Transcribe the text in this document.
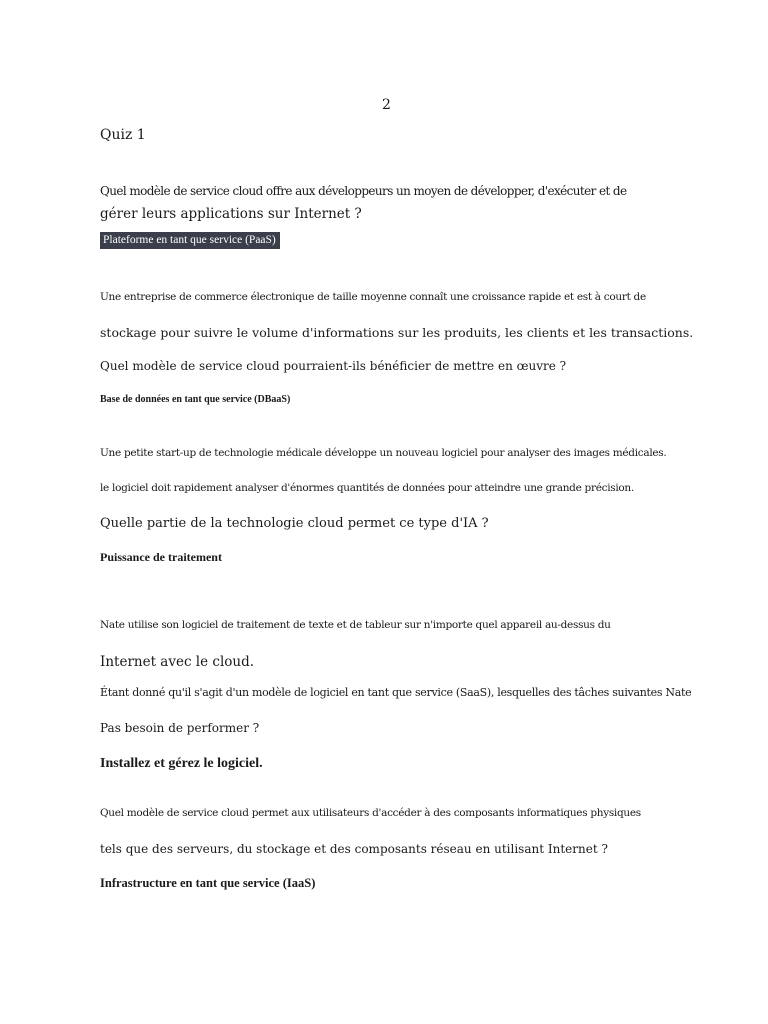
2

Quiz 1

Quel modèle de service cloud offre aux développeurs un moyen de développer, d'exécuter et de

gérer leurs applications sur Internet ?

Plateforme en tant que service (PaaS)

Une entreprise de commerce électronique de taille moyenne connaît une croissance rapide et est à court de

stockage pour suivre le volume d'informations sur les produits, les clients et les transactions.

Quel modèle de service cloud pourraient-ils bénéficier de mettre en œuvre ?

Base de données en tant que service (DBaaS)

Une petite start-up de technologie médicale développe un nouveau logiciel pour analyser des images médicales.

le logiciel doit rapidement analyser d'énormes quantités de données pour atteindre une grande précision.

Quelle partie de la technologie cloud permet ce type d'IA ?

Puissance de traitement

Nate utilise son logiciel de traitement de texte et de tableur sur n'importe quel appareil au-dessus du

Internet avec le cloud.

Étant donné qu'il s'agit d'un modèle de logiciel en tant que service (SaaS), lesquelles des tâches suivantes Nate

Pas besoin de performer ?

Installez et gérez le logiciel.

Quel modèle de service cloud permet aux utilisateurs d'accéder à des composants informatiques physiques

tels que des serveurs, du stockage et des composants réseau en utilisant Internet ?

Infrastructure en tant que service (IaaS)
